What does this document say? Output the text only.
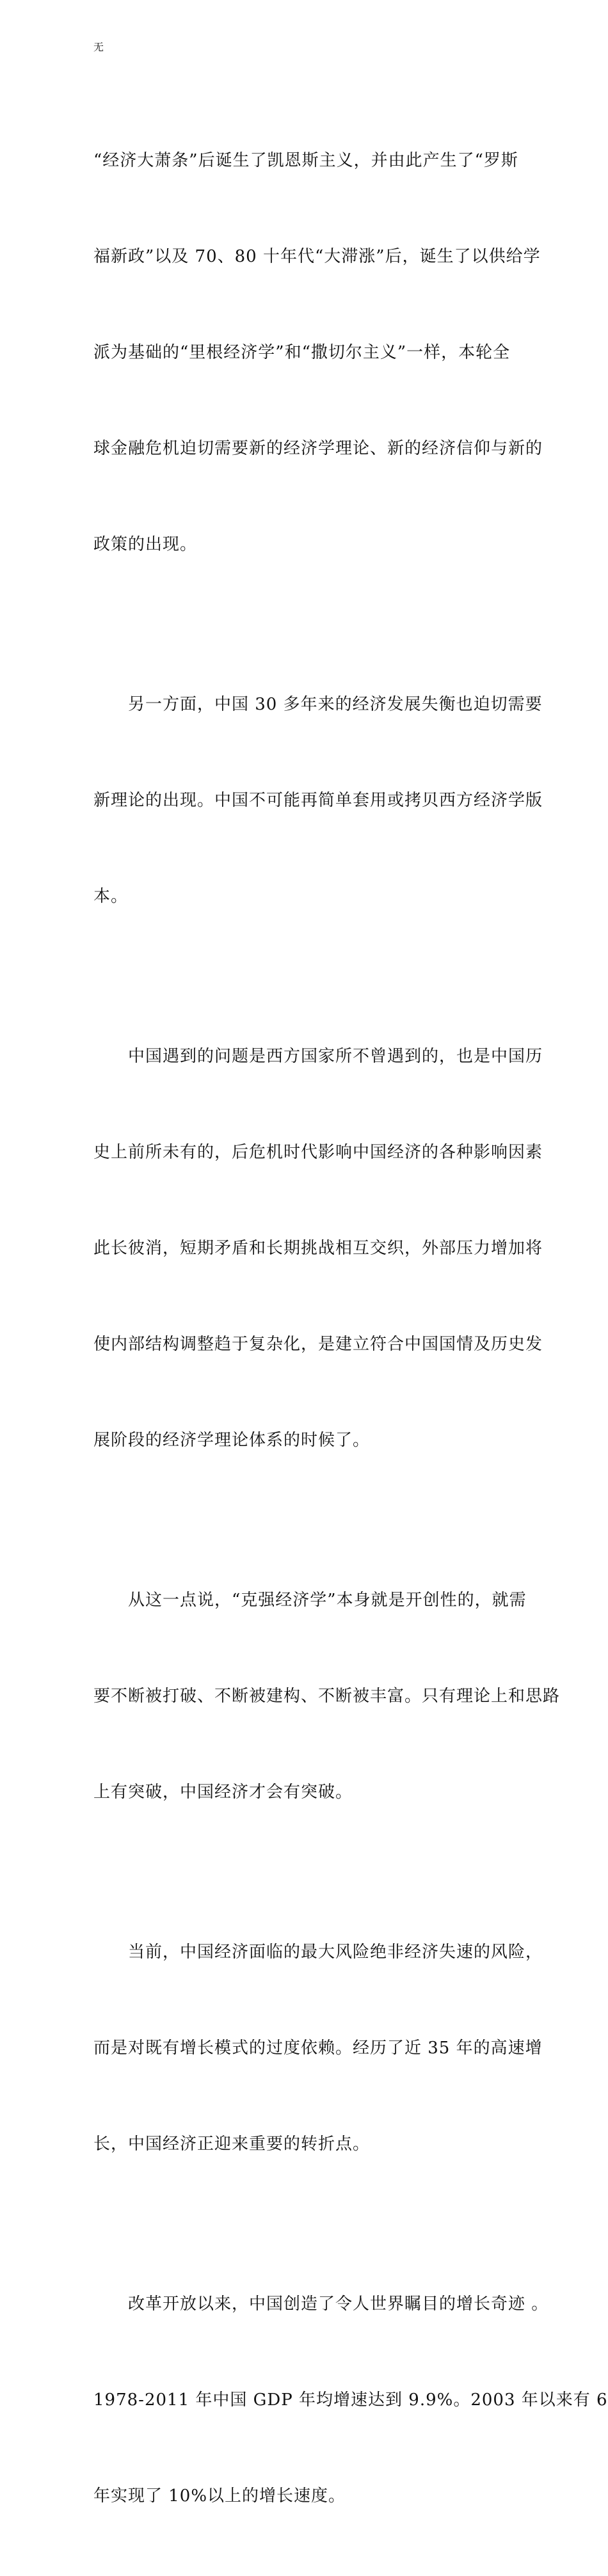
无

“经济大萧条”后诞生了凯恩斯主义，并由此产生了“罗斯

福新政”以及 70、80 十年代“大滞涨”后，诞生了以供给学

派为基础的“里根经济学”和“撒切尔主义”一样，本轮全

球金融危机迫切需要新的经济学理论、新的经济信仰与新的

政策的出现。

　　另一方面，中国 30 多年来的经济发展失衡也迫切需要

新理论的出现。中国不可能再简单套用或拷贝西方经济学版

本。

　　中国遇到的问题是西方国家所不曾遇到的，也是中国历

史上前所未有的，后危机时代影响中国经济的各种影响因素

此长彼消，短期矛盾和长期挑战相互交织，外部压力增加将

使内部结构调整趋于复杂化，是建立符合中国国情及历史发

展阶段的经济学理论体系的时候了。

　　从这一点说，“克强经济学”本身就是开创性的，就需

要不断被打破、不断被建构、不断被丰富。只有理论上和思路

上有突破，中国经济才会有突破。

　　当前，中国经济面临的最大风险绝非经济失速的风险，

而是对既有增长模式的过度依赖。经历了近 35 年的高速增

长，中国经济正迎来重要的转折点。

　　改革开放以来，中国创造了令人世界瞩目的增长奇迹 。

1978-2011 年中国 GDP 年均增速达到 9.9%。2003 年以来有 6

年实现了 10%以上的增长速度。
